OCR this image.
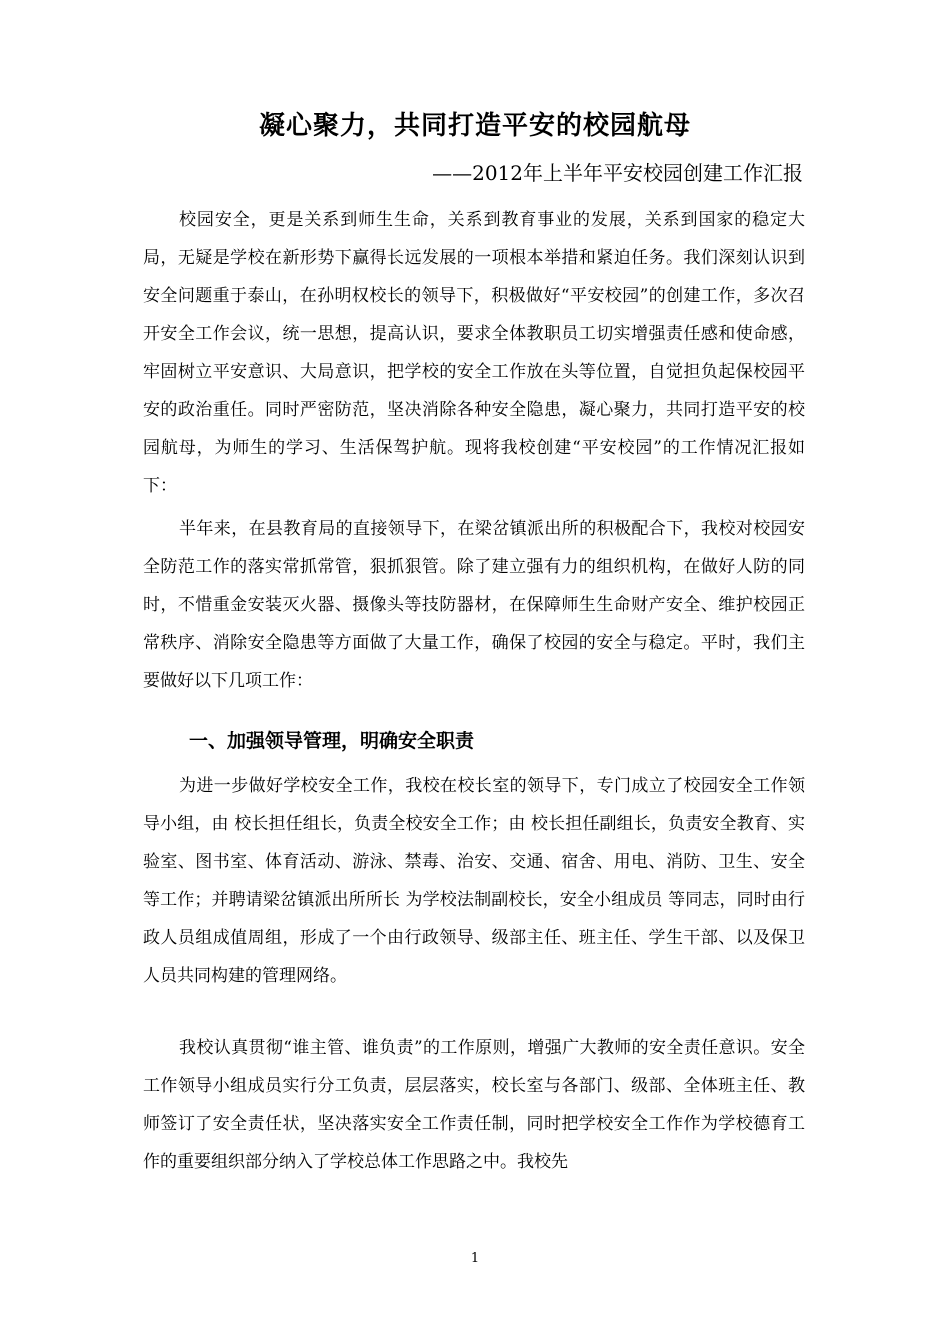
凝心聚力，共同打造平安的校园航母
——2012年上半年平安校园创建工作汇报

校园安全，更是关系到师生生命，关系到教育事业的发展，关系到国家的稳定大局，无疑是学校在新形势下赢得长远发展的一项根本举措和紧迫任务。我们深刻认识到安全问题重于泰山，在孙明权校长的领导下，积极做好“平安校园”的创建工作，多次召开安全工作会议，统一思想，提高认识，要求全体教职员工切实增强责任感和使命感，牢固树立平安意识、大局意识，把学校的安全工作放在头等位置，自觉担负起保校园平安的政治重任。同时严密防范，坚决消除各种安全隐患，凝心聚力，共同打造平安的校园航母，为师生的学习、生活保驾护航。现将我校创建“平安校园”的工作情况汇报如下：

半年来，在县教育局的直接领导下，在梁岔镇派出所的积极配合下，我校对校园安全防范工作的落实常抓常管，狠抓狠管。除了建立强有力的组织机构，在做好人防的同时，不惜重金安装灭火器、摄像头等技防器材，在保障师生生命财产安全、维护校园正常秩序、消除安全隐患等方面做了大量工作，确保了校园的安全与稳定。平时，我们主要做好以下几项工作：

一、加强领导管理，明确安全职责

为进一步做好学校安全工作，我校在校长室的领导下，专门成立了校园安全工作领导小组，由 校长担任组长，负责全校安全工作；由 校长担任副组长，负责安全教育、实验室、图书室、体育活动、游泳、禁毒、治安、交通、宿舍、用电、消防、卫生、安全等工作；并聘请梁岔镇派出所所长 为学校法制副校长，安全小组成员 等同志，同时由行政人员组成值周组，形成了一个由行政领导、级部主任、班主任、学生干部、以及保卫人员共同构建的管理网络。

我校认真贯彻“谁主管、谁负责”的工作原则，增强广大教师的安全责任意识。安全工作领导小组成员实行分工负责，层层落实，校长室与各部门、级部、全体班主任、教师签订了安全责任状，坚决落实安全工作责任制，同时把学校安全工作作为学校德育工作的重要组织部分纳入了学校总体工作思路之中。我校先

1
